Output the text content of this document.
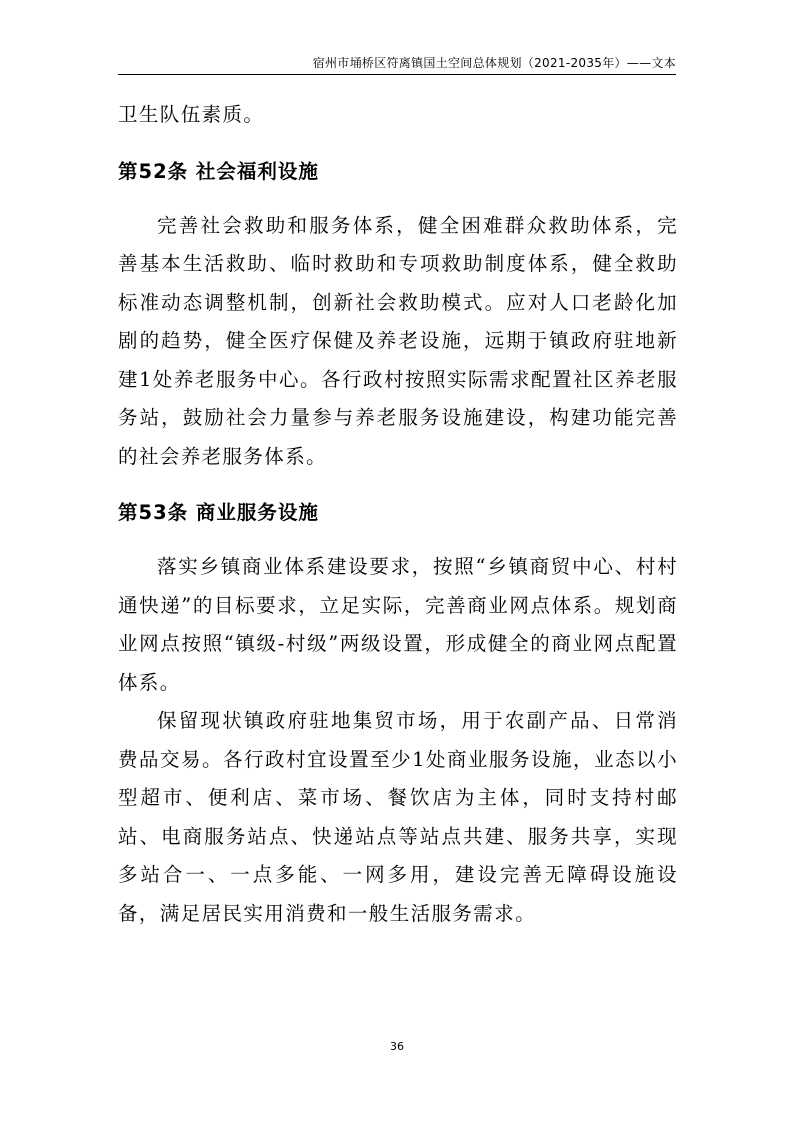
宿州市埇桥区符离镇国土空间总体规划（2021-2035年）——文本

卫生队伍素质。

第52条 社会福利设施

完善社会救助和服务体系，健全困难群众救助体系，完善基本生活救助、临时救助和专项救助制度体系，健全救助标准动态调整机制，创新社会救助模式。应对人口老龄化加剧的趋势，健全医疗保健及养老设施，远期于镇政府驻地新建1处养老服务中心。各行政村按照实际需求配置社区养老服务站，鼓励社会力量参与养老服务设施建设，构建功能完善的社会养老服务体系。

第53条 商业服务设施

落实乡镇商业体系建设要求，按照“乡镇商贸中心、村村通快递”的目标要求，立足实际，完善商业网点体系。规划商业网点按照“镇级-村级”两级设置，形成健全的商业网点配置体系。

保留现状镇政府驻地集贸市场，用于农副产品、日常消费品交易。各行政村宜设置至少1处商业服务设施，业态以小型超市、便利店、菜市场、餐饮店为主体，同时支持村邮站、电商服务站点、快递站点等站点共建、服务共享，实现多站合一、一点多能、一网多用，建设完善无障碍设施设备，满足居民实用消费和一般生活服务需求。

36
